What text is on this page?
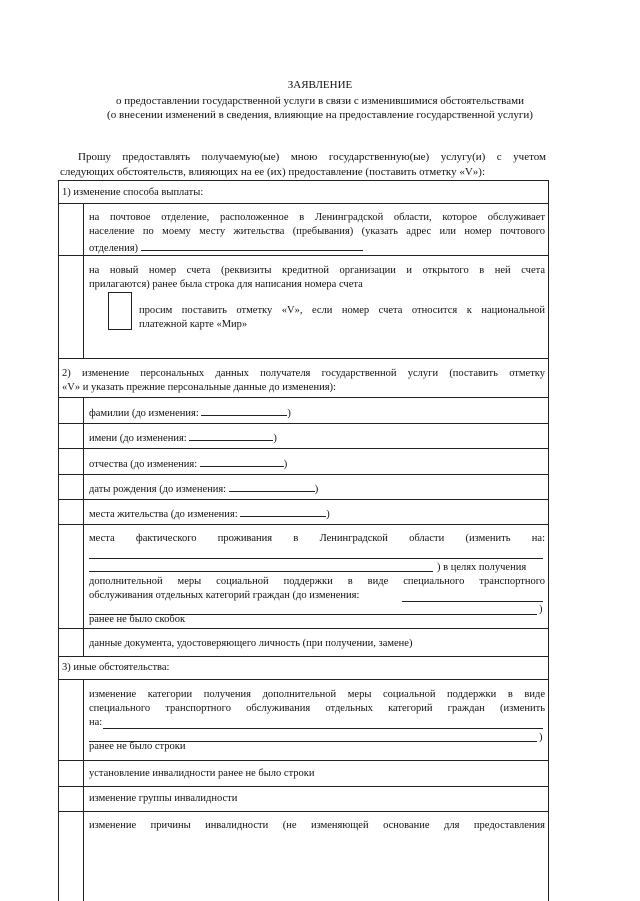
ЗАЯВЛЕНИЕ
о предоставлении государственной услуги в связи с изменившимися обстоятельствами
(о внесении изменений в сведения, влияющие на предоставление государственной услуги)
Прошу предоставлять получаемую(ые) мною государственную(ые) услугу(и) с учетом
следующих обстоятельств, влияющих на ее (их) предоставление (поставить отметку «V»):
1) изменение способа выплаты:
на почтовое отделение, расположенное в Ленинградской области, которое обслуживает
население по моему месту жительства (пребывания) (указать адрес или номер почтового
отделения)
на новый номер счета (реквизиты кредитной организации и открытого в ней счета
прилагаются) ранее была строка для написания номера счета
просим поставить отметку «V», если номер счета относится к национальной
платежной карте «Мир»
2) изменение персональных данных получателя государственной услуги (поставить отметку
«V» и указать прежние персональные данные до изменения):
фамилии (до изменения:	)
имени (до изменения:	)
отчества (до изменения:	)
даты рождения (до изменения:	)
места жительства (до изменения:	)
места фактического проживания в Ленинградской области (изменить на:
) в целях получения
дополнительной меры социальной поддержки в виде специального транспортного
обслуживания отдельных категорий граждан (до изменения:
)
ранее не было скобок
данные документа, удостоверяющего личность (при получении, замене)
3) иные обстоятельства:
изменение категории получения дополнительной меры социальной поддержки в виде
специального транспортного обслуживания отдельных категорий граждан (изменить
на:
)
ранее не было строки
установление инвалидности ранее не было строки
изменение группы инвалидности
изменение причины инвалидности (не изменяющей основание для предоставления
